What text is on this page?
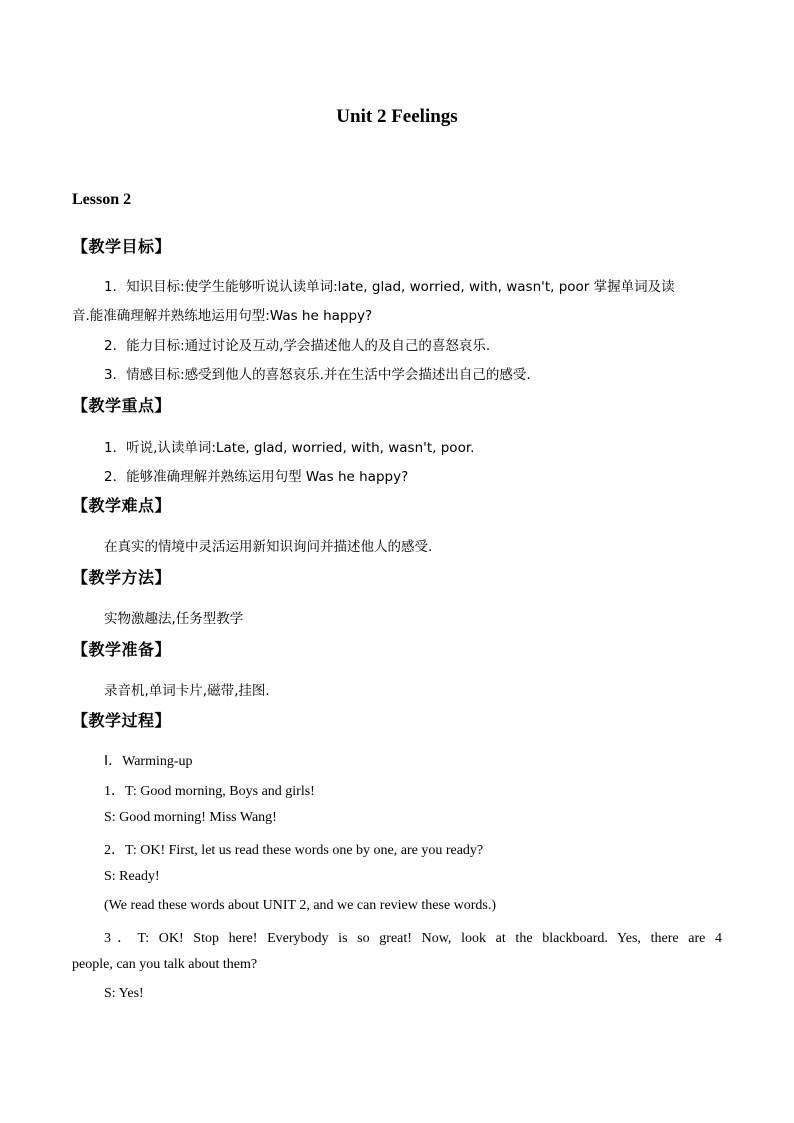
Unit 2 Feelings
Lesson 2
【教学目标】
1．知识目标:使学生能够听说认读单词:late, glad, worried, with, wasn't, poor 掌握单词及读
音.能准确理解并熟练地运用句型:Was he happy?
2．能力目标:通过讨论及互动,学会描述他人的及自己的喜怒哀乐.
3．情感目标:感受到他人的喜怒哀乐.并在生活中学会描述出自己的感受.
【教学重点】
1．听说,认读单词:Late, glad, worried, with, wasn't, poor.
2．能够准确理解并熟练运用句型 Was he happy?
【教学难点】
在真实的情境中灵活运用新知识询问并描述他人的感受.
【教学方法】
实物激趣法,任务型教学
【教学准备】
录音机,单词卡片,磁带,挂图.
【教学过程】
Ⅰ．Warming-up
1．T: Good morning, Boys and girls!
S: Good morning! Miss Wang!
2．T: OK! First, let us read these words one by one, are you ready?
S: Ready!
(We read these words about UNIT 2, and we can review these words.)
3．T: OK! Stop here! Everybody is so great! Now, look at the blackboard. Yes, there are 4
people, can you talk about them?
S: Yes!
